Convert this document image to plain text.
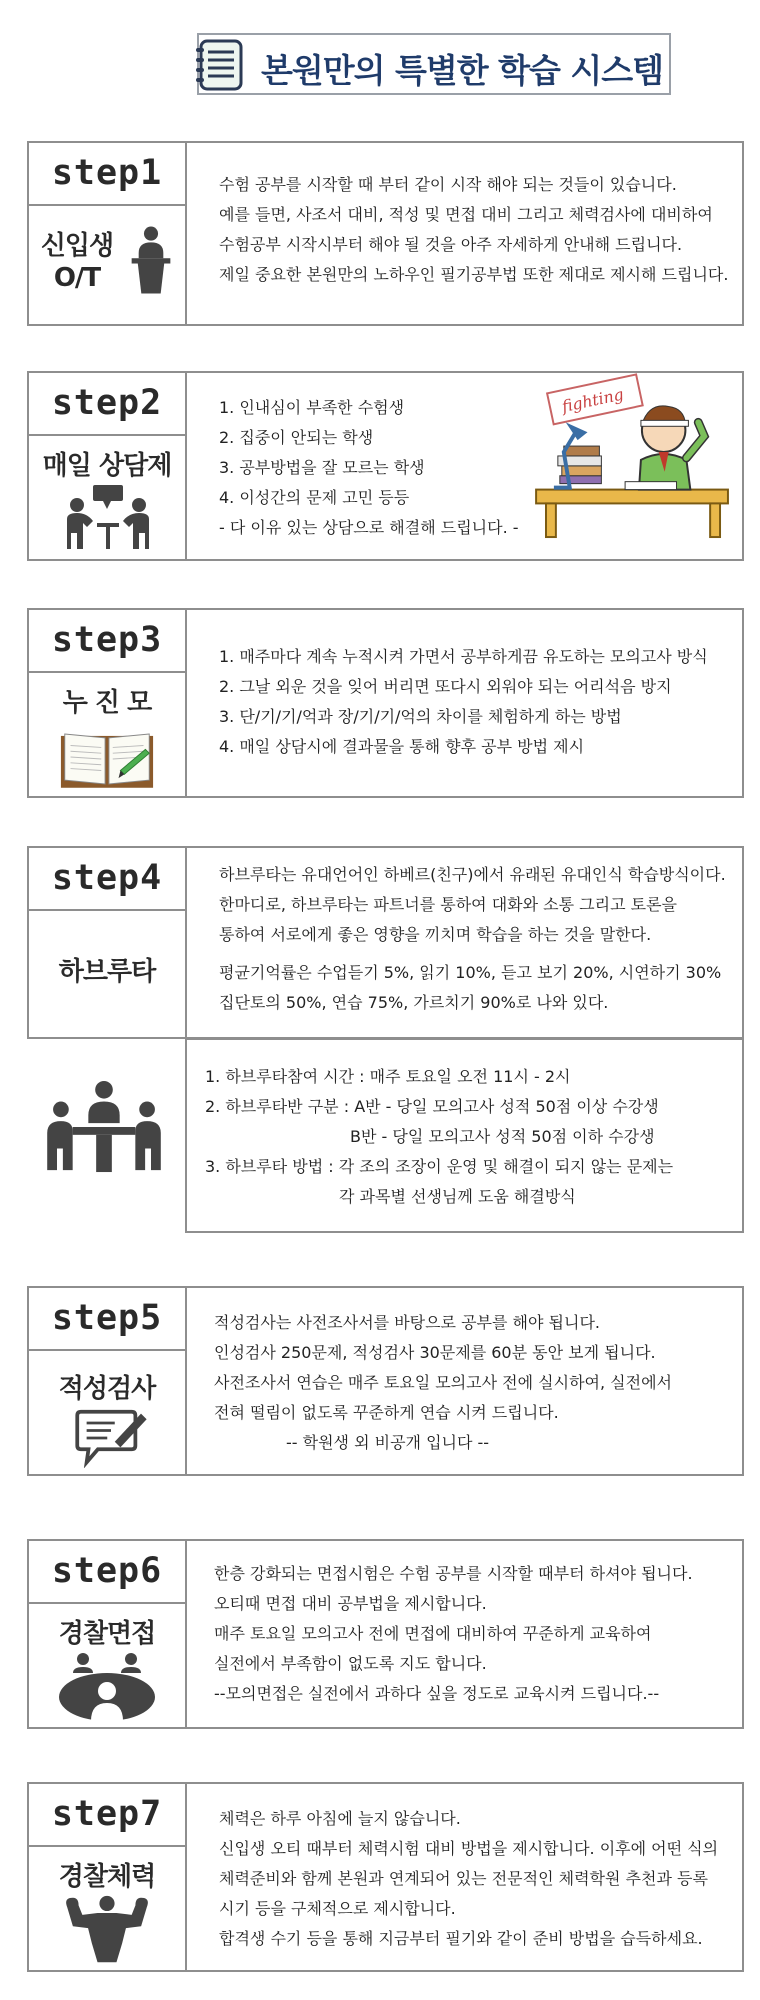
본원만의 특별한 학습 시스템
step1
신입생
O/T
수험 공부를 시작할 때 부터 같이 시작 해야 되는 것들이 있습니다.
예를 들면, 사조서 대비, 적성 및 면접 대비 그리고 체력검사에 대비하여
수험공부 시작시부터 해야 될 것을 아주 자세하게 안내해 드립니다.
제일 중요한 본원만의 노하우인 필기공부법 또한 제대로 제시해 드립니다.
step2
매일 상담제
1. 인내심이 부족한 수험생
2. 집중이 안되는 학생
3. 공부방법을 잘 모르는 학생
4. 이성간의 문제 고민 등등
- 다 이유 있는 상담으로 해결해 드립니다. -
fighting
step3
누 진 모
1. 매주마다 계속 누적시켜 가면서 공부하게끔 유도하는 모의고사 방식
2. 그날 외운 것을 잊어 버리면 또다시 외워야 되는 어리석음 방지
3. 단/기/기/억과 장/기/기/억의 차이를 체험하게 하는 방법
4. 매일 상담시에 결과물을 통해 향후 공부 방법 제시
step4
하브루타
하브루타는 유대언어인 하베르(친구)에서 유래된 유대인식 학습방식이다.
한마디로, 하브루타는 파트너를 통하여 대화와 소통 그리고 토론을
통하여 서로에게 좋은 영향을 끼치며 학습을 하는 것을 말한다.
평균기억률은 수업듣기 5%, 읽기 10%, 듣고 보기 20%, 시연하기 30%
집단토의 50%, 연습 75%, 가르치기 90%로 나와 있다.
1. 하브루타참여 시간 : 매주 토요일 오전 11시 - 2시
2. 하브루타반 구분 : A반 - 당일 모의고사 성적 50점 이상 수강생
B반 - 당일 모의고사 성적 50점 이하 수강생
3. 하브루타 방법 : 각 조의 조장이 운영 및 해결이 되지 않는 문제는
각 과목별 선생님께 도움 해결방식
step5
적성검사
적성검사는 사전조사서를 바탕으로 공부를 해야 됩니다.
인성검사 250문제, 적성검사 30문제를 60분 동안 보게 됩니다.
사전조사서 연습은 매주 토요일 모의고사 전에 실시하여, 실전에서
전혀 떨림이 없도록 꾸준하게 연습 시켜 드립니다.
-- 학원생 외 비공개 입니다 --
step6
경찰면접
한층 강화되는 면접시험은 수험 공부를 시작할 때부터 하셔야 됩니다.
오티때 면접 대비 공부법을 제시합니다.
매주 토요일 모의고사 전에 면접에 대비하여 꾸준하게 교육하여
실전에서 부족함이 없도록 지도 합니다.
--모의면접은 실전에서 과하다 싶을 정도로 교육시켜 드립니다.--
step7
경찰체력
체력은 하루 아침에 늘지 않습니다.
신입생 오티 때부터 체력시험 대비 방법을 제시합니다. 이후에 어떤 식의
체력준비와 함께 본원과 연계되어 있는 전문적인 체력학원 추천과 등록
시기 등을 구체적으로 제시합니다.
합격생 수기 등을 통해 지금부터 필기와 같이 준비 방법을 습득하세요.
